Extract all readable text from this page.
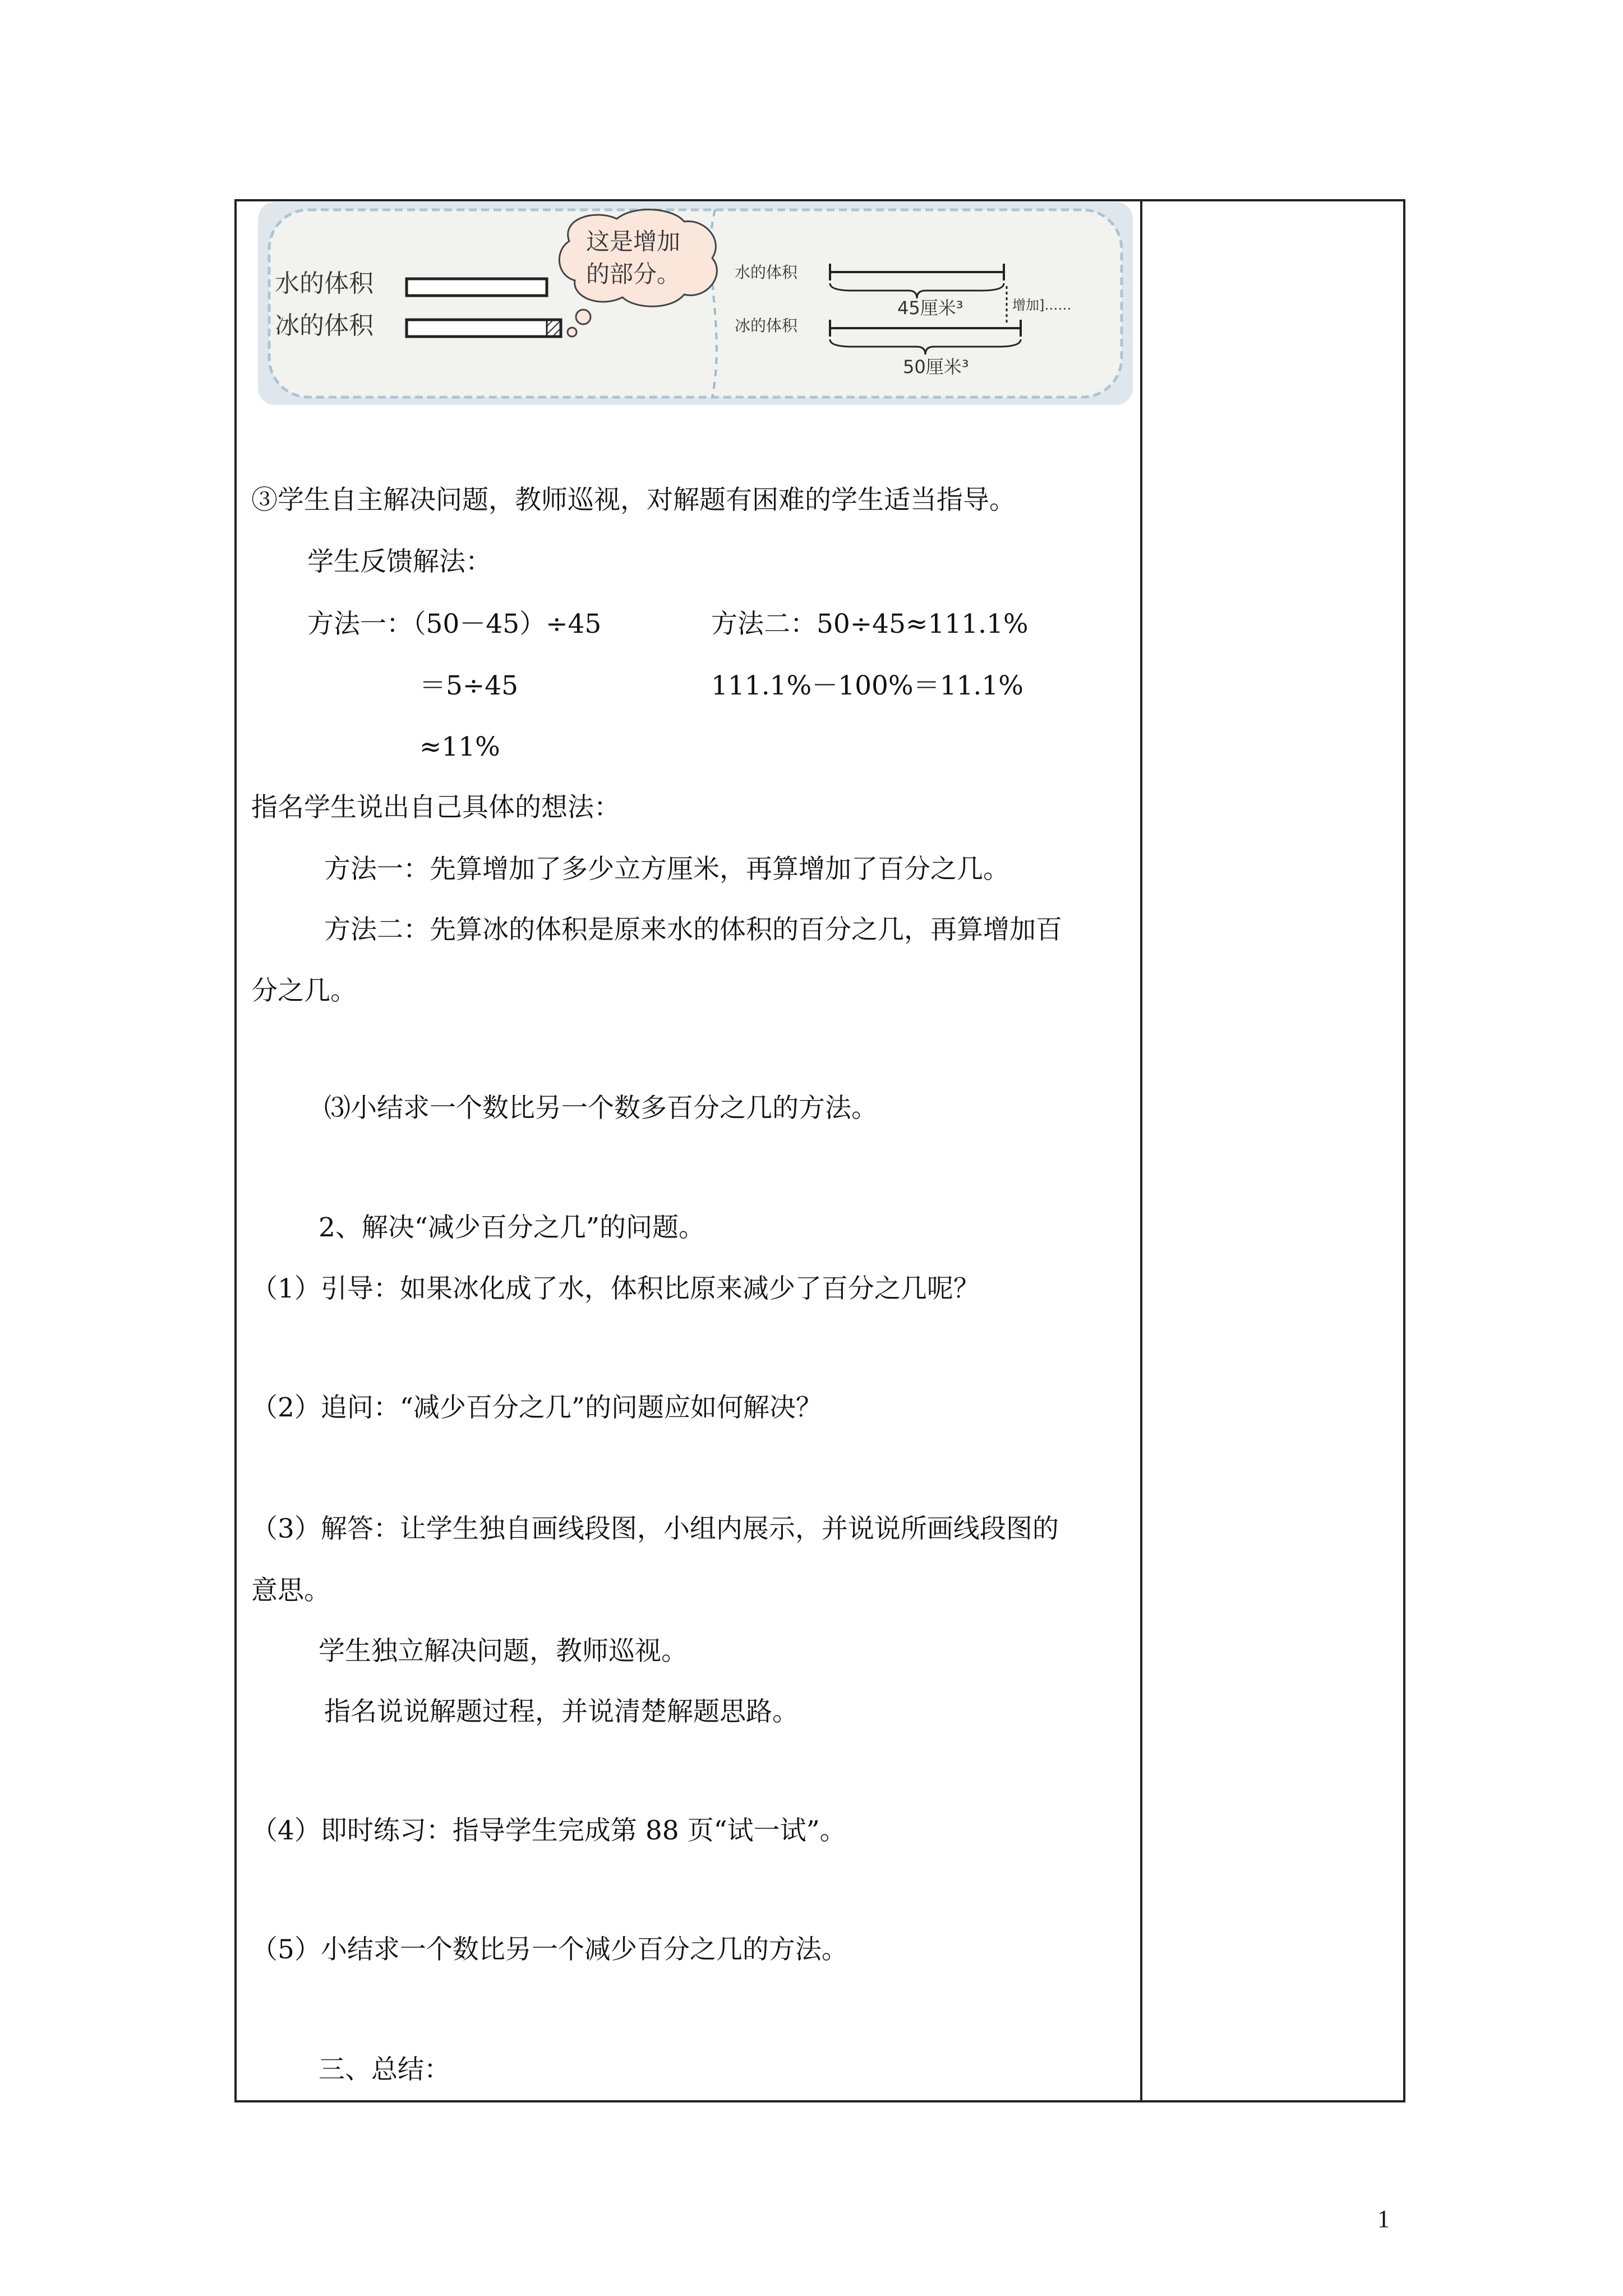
水的体积
冰的体积
这是增加
的部分。	水的体积
冰的体积
45厘米³
50厘米³
增加]……
③学生自主解决问题，教师巡视，对解题有困难的学生适当指导。
学生反馈解法：
方法一：（50－45）÷45	方法二：50÷45≈111.1%
＝5÷45	111.1%－100%＝11.1%
≈11%
指名学生说出自己具体的想法：
方法一：先算增加了多少立方厘米，再算增加了百分之几。
方法二：先算冰的体积是原来水的体积的百分之几，再算增加百
分之几。
⑶小结求一个数比另一个数多百分之几的方法。
2、解决“减少百分之几”的问题。
（1）引导：如果冰化成了水，体积比原来减少了百分之几呢？
（2）追问：“减少百分之几”的问题应如何解决？
（3）解答：让学生独自画线段图，小组内展示，并说说所画线段图的
意思。
学生独立解决问题，教师巡视。
指名说说解题过程，并说清楚解题思路。
（4）即时练习：指导学生完成第 88 页“试一试”。
（5）小结求一个数比另一个减少百分之几的方法。
三、总结：
1
